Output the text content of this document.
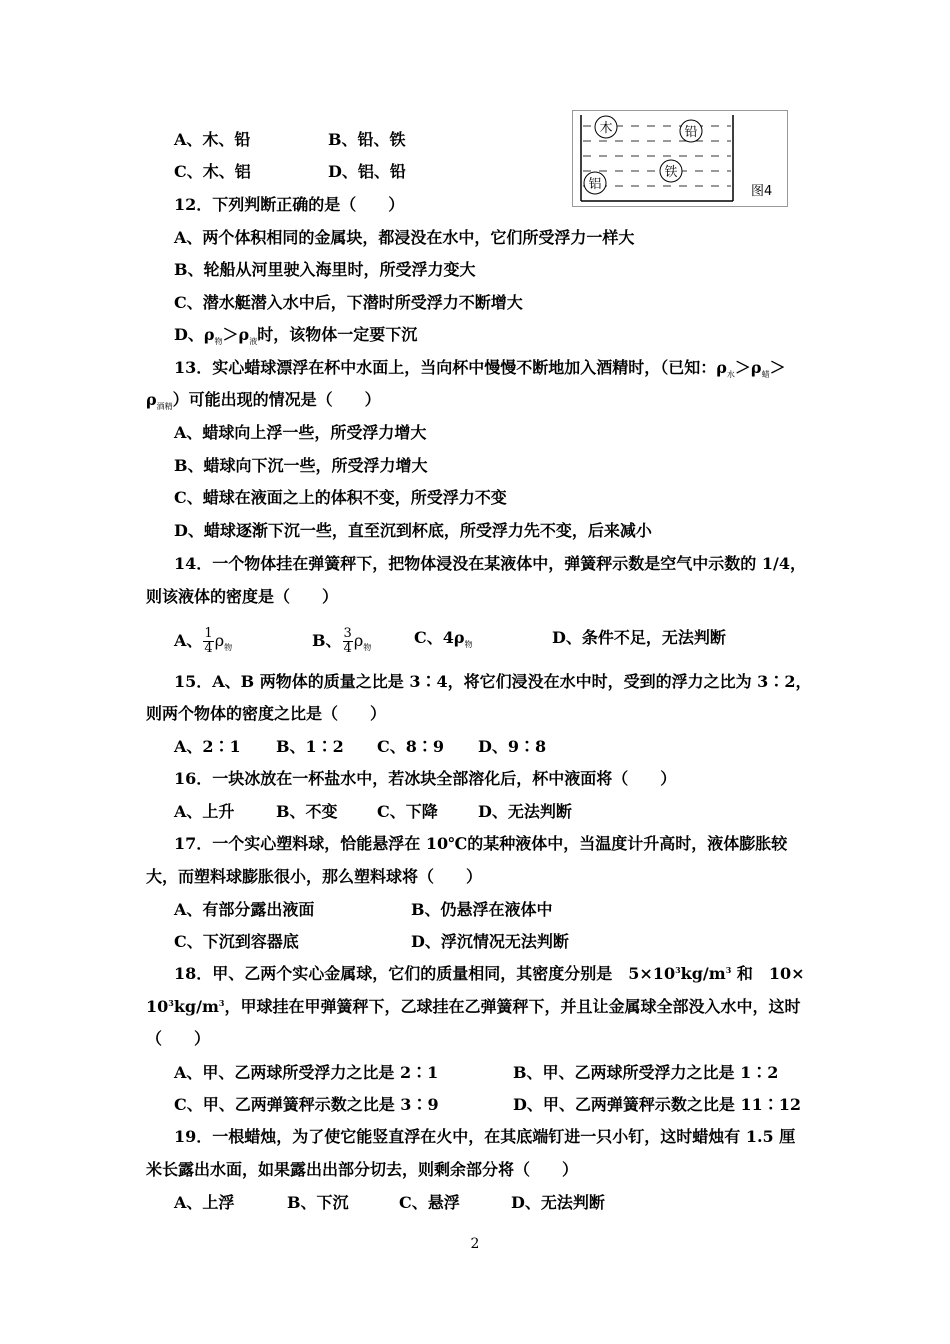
A、木、铅	B、铅、铁
C、木、铝	D、铝、铅
木	铅
铁
铝	图4
12．下列判断正确的是（　　）
A、两个体积相同的金属块，都浸没在水中，它们所受浮力一样大
B、轮船从河里驶入海里时，所受浮力变大
C、潜水艇潜入水中后，下潜时所受浮力不断增大
D、$\rho_物>\rho_液$时，该物体一定要下沉
13．实心蜡球漂浮在杯中水面上，当向杯中慢慢不断地加入酒精时，（已知：$\rho_水>\rho_蜡>$
$\rho_{酒精}$）可能出现的情况是（　　）
A、蜡球向上浮一些，所受浮力增大
B、蜡球向下沉一些，所受浮力增大
C、蜡球在液面之上的体积不变，所受浮力不变
D、蜡球逐渐下沉一些，直至沉到杯底，所受浮力先不变，后来减小
14．一个物体挂在弹簧秤下，把物体浸没在某液体中，弹簧秤示数是空气中示数的 1/4，
则该液体的密度是（　　）
A、 $\frac{1}{4} \rho_物$	B、 $\frac{3}{4} \rho_物$
C、$4\rho_物$	D、条件不足，无法判断
15．A、B 两物体的质量之比是 3∶4，将它们浸没在水中时，受到的浮力之比为 3∶2，
则两个物体的密度之比是（　　）
A、2∶1 B、1∶2 C、8∶9 D、9∶8
16．一块冰放在一杯盐水中，若冰块全部溶化后，杯中液面将（　　）
A、上升	B、不变 C、下降	D、无法判断
17．一个实心塑料球，恰能悬浮在 10℃的某种液体中，当温度计升高时，液体膨胀较
大，而塑料球膨胀很小，那么塑料球将（　　）
A、有部分露出液面	B、仍悬浮在液体中
C、下沉到容器底	D、浮沉情况无法判断
18．甲、乙两个实心金属球，它们的质量相同，其密度分别是　$5\times 10^3kg/m^3$ 和　10×
$10^3kg/m^3$，甲球挂在甲弹簧秤下，乙球挂在乙弹簧秤下，并且让金属球全部没入水中，这时
（　　）
A、甲、乙两球所受浮力之比是 2∶1	B、甲、乙两球所受浮力之比是 1∶2
C、甲、乙两弹簧秤示数之比是 3∶9	D、甲、乙两弹簧秤示数之比是 11∶12
19．一根蜡烛，为了使它能竖直浮在火中，在其底端钉进一只小钉，这时蜡烛有 1.5 厘
米长露出水面，如果露出出部分切去，则剩余部分将（　　）
A、上浮	B、下沉	C、悬浮	D、无法判断
2
